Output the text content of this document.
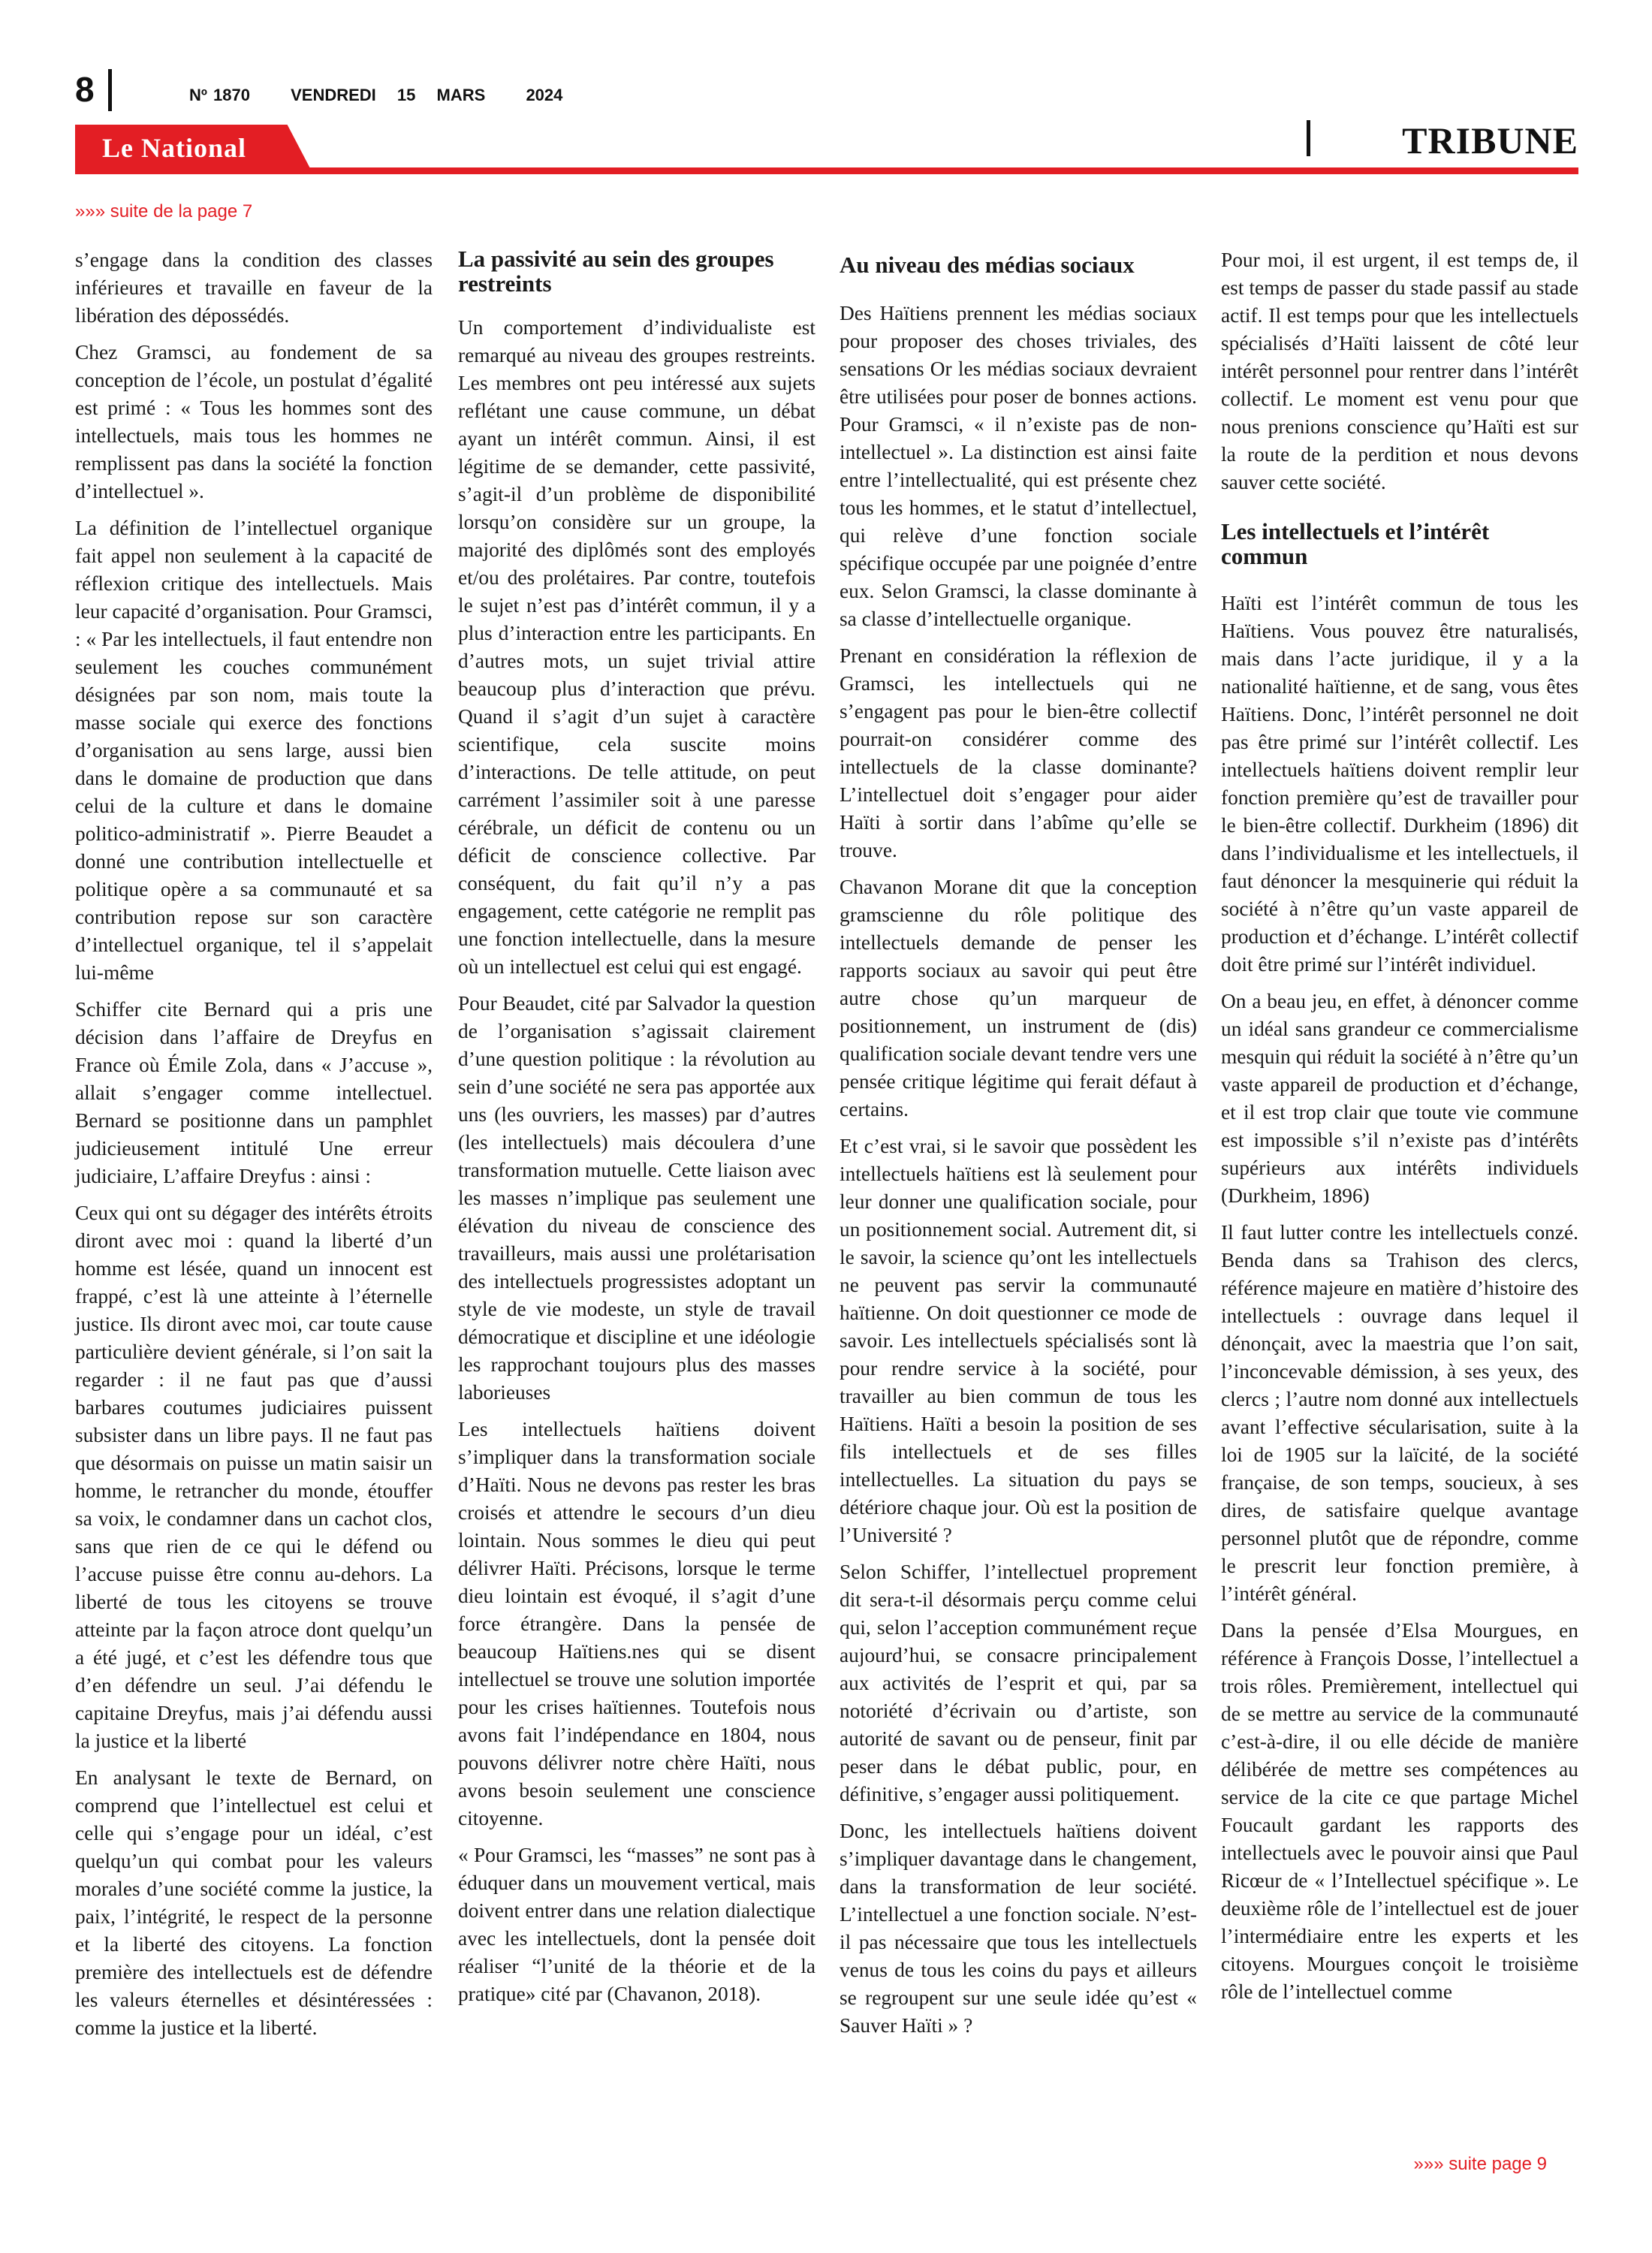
8	Nº 1870 VENDREDI 15 MARS 2024
Le National	TRIBUNE
»»» suite de la page 7

s’engage dans la condition des classes inférieures et travaille en faveur de la libération des dépossédés.

Chez Gramsci, au fondement de sa conception de l’école, un postulat d’égalité est primé : « Tous les hommes sont des intellectuels, mais tous les hommes ne remplissent pas dans la société la fonction d’intellectuel ».

La définition de l’intellectuel organique fait appel non seulement à la capacité de réflexion critique des intellectuels. Mais leur capacité d’organisation. Pour Gramsci, : « Par les intellectuels, il faut entendre non seulement les couches communément désignées par son nom, mais toute la masse sociale qui exerce des fonctions d’organisation au sens large, aussi bien dans le domaine de production que dans celui de la culture et dans le domaine politico-administratif ». Pierre Beaudet a donné une contribution intellectuelle et politique opère a sa communauté et sa contribution repose sur son caractère d’intellectuel organique, tel il s’appelait lui-même

Schiffer cite Bernard qui a pris une décision dans l’affaire de Dreyfus en France où Émile Zola, dans « J’accuse », allait s’engager comme intellectuel. Bernard se positionne dans un pamphlet judicieusement intitulé Une erreur judiciaire, L’affaire Dreyfus : ainsi :

Ceux qui ont su dégager des intérêts étroits diront avec moi : quand la liberté d’un homme est lésée, quand un innocent est frappé, c’est là une atteinte à l’éternelle justice. Ils diront avec moi, car toute cause particulière devient générale, si l’on sait la regarder : il ne faut pas que d’aussi barbares coutumes judiciaires puissent subsister dans un libre pays. Il ne faut pas que désormais on puisse un matin saisir un homme, le retrancher du monde, étouffer sa voix, le condamner dans un cachot clos, sans que rien de ce qui le défend ou l’accuse puisse être connu au-dehors. La liberté de tous les citoyens se trouve atteinte par la façon atroce dont quelqu’un a été jugé, et c’est les défendre tous que d’en défendre un seul. J’ai défendu le capitaine Dreyfus, mais j’ai défendu aussi la justice et la liberté

En analysant le texte de Bernard, on comprend que l’intellectuel est celui et celle qui s’engage pour un idéal, c’est quelqu’un qui combat pour les valeurs morales d’une société comme la justice, la paix, l’intégrité, le respect de la personne et la liberté des citoyens. La fonction première des intellectuels est de défendre les valeurs éternelles et désintéressées : comme la justice et la liberté.

La passivité au sein des groupes restreints

Un comportement d’individualiste est remarqué au niveau des groupes restreints. Les membres ont peu intéressé aux sujets reflétant une cause commune, un débat ayant un intérêt commun. Ainsi, il est légitime de se demander, cette passivité, s’agit-il d’un problème de disponibilité lorsqu’on considère sur un groupe, la majorité des diplômés sont des employés et/ou des prolétaires. Par contre, toutefois le sujet n’est pas d’intérêt commun, il y a plus d’interaction entre les participants. En d’autres mots, un sujet trivial attire beaucoup plus d’interaction que prévu. Quand il s’agit d’un sujet à caractère scientifique, cela suscite moins d’interactions. De telle attitude, on peut carrément l’assimiler soit à une paresse cérébrale, un déficit de contenu ou un déficit de conscience collective. Par conséquent, du fait qu’il n’y a pas engagement, cette catégorie ne remplit pas une fonction intellectuelle, dans la mesure où un intellectuel est celui qui est engagé.

Pour Beaudet, cité par Salvador la question de l’organisation s’agissait clairement d’une question politique : la révolution au sein d’une société ne sera pas apportée aux uns (les ouvriers, les masses) par d’autres (les intellectuels) mais découlera d’une transformation mutuelle. Cette liaison avec les masses n’implique pas seulement une élévation du niveau de conscience des travailleurs, mais aussi une prolétarisation des intellectuels progressistes adoptant un style de vie modeste, un style de travail démocratique et discipline et une idéologie les rapprochant toujours plus des masses laborieuses

Les intellectuels haïtiens doivent s’impliquer dans la transformation sociale d’Haïti. Nous ne devons pas rester les bras croisés et attendre le secours d’un dieu lointain. Nous sommes le dieu qui peut délivrer Haïti. Précisons, lorsque le terme dieu lointain est évoqué, il s’agit d’une force étrangère. Dans la pensée de beaucoup Haïtiens.nes qui se disent intellectuel se trouve une solution importée pour les crises haïtiennes. Toutefois nous avons fait l’indépendance en 1804, nous pouvons délivrer notre chère Haïti, nous avons besoin seulement une conscience citoyenne.

« Pour Gramsci, les “masses” ne sont pas à éduquer dans un mouvement vertical, mais doivent entrer dans une relation dialectique avec les intellectuels, dont la pensée doit réaliser “l’unité de la théorie et de la pratique» cité par (Chavanon, 2018).

Au niveau des médias sociaux

Des Haïtiens prennent les médias sociaux pour proposer des choses triviales, des sensations Or les médias sociaux devraient être utilisées pour poser de bonnes actions. Pour Gramsci, « il n’existe pas de non-intellectuel ». La distinction est ainsi faite entre l’intellectualité, qui est présente chez tous les hommes, et le statut d’intellectuel, qui relève d’une fonction sociale spécifique occupée par une poignée d’entre eux. Selon Gramsci, la classe dominante à sa classe d’intellectuelle organique.

Prenant en considération la réflexion de Gramsci, les intellectuels qui ne s’engagent pas pour le bien-être collectif pourrait-on considérer comme des intellectuels de la classe dominante? L’intellectuel doit s’engager pour aider Haïti à sortir dans l’abîme qu’elle se trouve.

Chavanon Morane dit que la conception gramscienne du rôle politique des intellectuels demande de penser les rapports sociaux au savoir qui peut être autre chose qu’un marqueur de positionnement, un instrument de (dis) qualification sociale devant tendre vers une pensée critique légitime qui ferait défaut à certains.

Et c’est vrai, si le savoir que possèdent les intellectuels haïtiens est là seulement pour leur donner une qualification sociale, pour un positionnement social. Autrement dit, si le savoir, la science qu’ont les intellectuels ne peuvent pas servir la communauté haïtienne. On doit questionner ce mode de savoir. Les intellectuels spécialisés sont là pour rendre service à la société, pour travailler au bien commun de tous les Haïtiens. Haïti a besoin la position de ses fils intellectuels et de ses filles intellectuelles. La situation du pays se détériore chaque jour. Où est la position de l’Université ?

Selon Schiffer, l’intellectuel proprement dit sera-t-il désormais perçu comme celui qui, selon l’acception communément reçue aujourd’hui, se consacre principalement aux activités de l’esprit et qui, par sa notoriété d’écrivain ou d’artiste, son autorité de savant ou de penseur, finit par peser dans le débat public, pour, en définitive, s’engager aussi politiquement.

Donc, les intellectuels haïtiens doivent s’impliquer davantage dans le changement, dans la transformation de leur société. L’intellectuel a une fonction sociale. N’est-il pas nécessaire que tous les intellectuels venus de tous les coins du pays et ailleurs se regroupent sur une seule idée qu’est « Sauver Haïti » ?

Pour moi, il est urgent, il est temps de, il est temps de passer du stade passif au stade actif. Il est temps pour que les intellectuels spécialisés d’Haïti laissent de côté leur intérêt personnel pour rentrer dans l’intérêt collectif. Le moment est venu pour que nous prenions conscience qu’Haïti est sur la route de la perdition et nous devons sauver cette société.

Les intellectuels et l’intérêt commun

Haïti est l’intérêt commun de tous les Haïtiens. Vous pouvez être naturalisés, mais dans l’acte juridique, il y a la nationalité haïtienne, et de sang, vous êtes Haïtiens. Donc, l’intérêt personnel ne doit pas être primé sur l’intérêt collectif. Les intellectuels haïtiens doivent remplir leur fonction première qu’est de travailler pour le bien-être collectif. Durkheim (1896) dit dans l’individualisme et les intellectuels, il faut dénoncer la mesquinerie qui réduit la société à n’être qu’un vaste appareil de production et d’échange. L’intérêt collectif doit être primé sur l’intérêt individuel.

On a beau jeu, en effet, à dénoncer comme un idéal sans grandeur ce commercialisme mesquin qui réduit la société à n’être qu’un vaste appareil de production et d’échange, et il est trop clair que toute vie commune est impossible s’il n’existe pas d’intérêts supérieurs aux intérêts individuels (Durkheim, 1896)

Il faut lutter contre les intellectuels conzé. Benda dans sa Trahison des clercs, référence majeure en matière d’histoire des intellectuels : ouvrage dans lequel il dénonçait, avec la maestria que l’on sait, l’inconcevable démission, à ses yeux, des clercs ; l’autre nom donné aux intellectuels avant l’effective sécularisation, suite à la loi de 1905 sur la laïcité, de la société française, de son temps, soucieux, à ses dires, de satisfaire quelque avantage personnel plutôt que de répondre, comme le prescrit leur fonction première, à l’intérêt général.

Dans la pensée d’Elsa Mourgues, en référence à François Dosse, l’intellectuel a trois rôles. Premièrement, intellectuel qui de se mettre au service de la communauté c’est-à-dire, il ou elle décide de manière délibérée de mettre ses compétences au service de la cite ce que partage Michel Foucault gardant les rapports des intellectuels avec le pouvoir ainsi que Paul Ricœur de « l’Intellectuel spécifique ». Le deuxième rôle de l’intellectuel est de jouer l’intermédiaire entre les experts et les citoyens. Mourgues conçoit le troisième rôle de l’intellectuel comme

»»» suite page 9
